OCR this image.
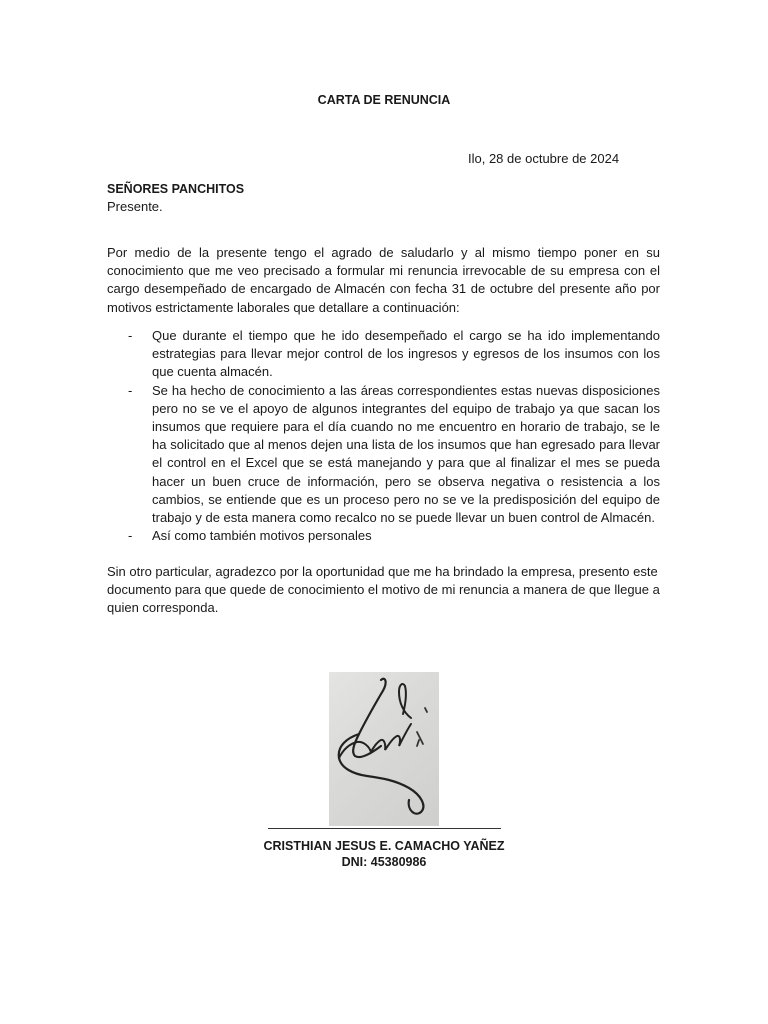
CARTA DE RENUNCIA
Ilo, 28 de octubre de 2024
SEÑORES PANCHITOS
Presente.

Por medio de la presente tengo el agrado de saludarlo y al mismo tiempo poner en su conocimiento que me veo precisado a formular mi renuncia irrevocable de su empresa con el cargo desempeñado de encargado de Almacén con fecha 31 de octubre del presente año por motivos estrictamente laborales que detallare a continuación:

- Que durante el tiempo que he ido desempeñado el cargo se ha ido implementando estrategias para llevar mejor control de los ingresos y egresos de los insumos con los que cuenta almacén.
- Se ha hecho de conocimiento a las áreas correspondientes estas nuevas disposiciones pero no se ve el apoyo de algunos integrantes del equipo de trabajo ya que sacan los insumos que requiere para el día cuando no me encuentro en horario de trabajo, se le ha solicitado que al menos dejen una lista de los insumos que han egresado para llevar el control en el Excel que se está manejando y para que al finalizar el mes se pueda hacer un buen cruce de información, pero se observa negativa o resistencia a los cambios, se entiende que es un proceso pero no se ve la predisposición del equipo de trabajo y de esta manera como recalco no se puede llevar un buen control de Almacén.
- Así como también motivos personales

Sin otro particular, agradezco por la oportunidad que me ha brindado la empresa, presento este documento para que quede de conocimiento el motivo de mi renuncia a manera de que llegue a quien corresponda.

CRISTHIAN JESUS E. CAMACHO YAÑEZ
DNI: 45380986
